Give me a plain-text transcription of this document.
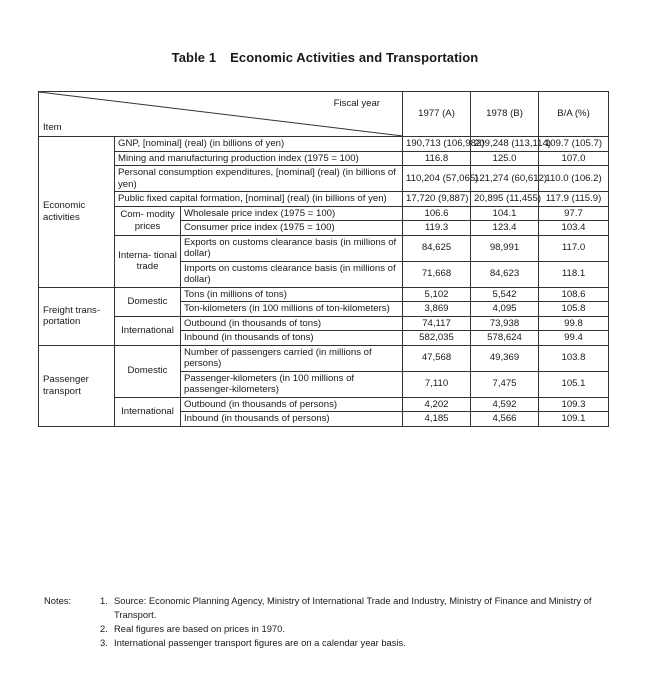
Table 1 Economic Activities and Transportation
Fiscal year
Item			1977 (A)	1978 (B)	B/A (%)
Economic activities	GNP, [nominal] (real) (in billions of yen)		190,713 (106,982)	209,248 (113,114)	109.7 (105.7)
	Mining and manufacturing production index (1975 = 100)		116.8	125.0	107.0
	Personal consumption expenditures, [nominal] (real) (in billions of yen)		110,204 (57,065)	121,274 (60,612)	110.0 (106.2)
	Public fixed capital formation, [nominal] (real) (in billions of yen)		17,720 (9,887)	20,895 (11,455)	117.9 (115.9)
	Com- modity prices	Wholesale price index (1975 = 100)	106.6	104.1	97.7
		Consumer price index (1975 = 100)	119.3	123.4	103.4
	Interna- tional trade	Exports on customs clearance basis (in millions of dollar)	84,625	98,991	117.0
		Imports on customs clearance basis (in millions of dollar)	71,668	84,623	118.1
Freight trans- portation	Domestic	Tons (in millions of tons)	5,102	5,542	108.6
		Ton-kilometers (in 100 millions of ton-kilometers)	3,869	4,095	105.8
	International	Outbound (in thousands of tons)	74,117	73,938	99.8
		Inbound (in thousands of tons)	582,035	578,624	99.4
Passenger transport	Domestic	Number of passengers carried (in millions of persons)	47,568	49,369	103.8
		Passenger-kilometers (in 100 millions of passenger-kilometers)	7,110	7,475	105.1
	International	Outbound (in thousands of persons)	4,202	4,592	109.3
		Inbound (in thousands of persons)	4,185	4,566	109.1
Notes:	1. Source: Economic Planning Agency, Ministry of International Trade and Industry, Ministry of Finance and Ministry of Transport.
2. Real figures are based on prices in 1970.
3. International passenger transport figures are on a calendar year basis.
